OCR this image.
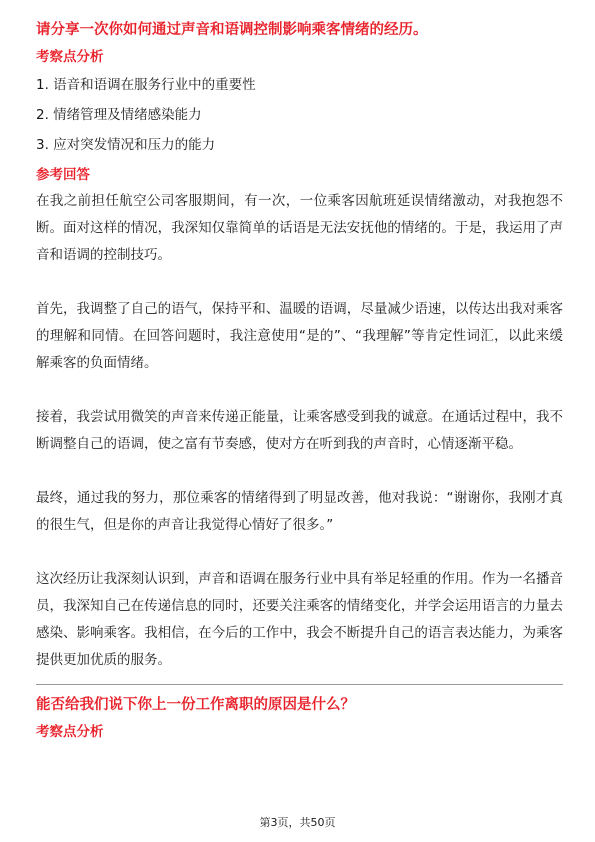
请分享一次你如何通过声音和语调控制影响乘客情绪的经历。

考察点分析

1. 语音和语调在服务行业中的重要性
2. 情绪管理及情绪感染能力
3. 应对突发情况和压力的能力

参考回答

在我之前担任航空公司客服期间，有一次，一位乘客因航班延误情绪激动，对我抱怨不断。面对这样的情况，我深知仅靠简单的话语是无法安抚他的情绪的。于是，我运用了声音和语调的控制技巧。

首先，我调整了自己的语气，保持平和、温暖的语调，尽量减少语速，以传达出我对乘客的理解和同情。在回答问题时，我注意使用“是的”、“我理解”等肯定性词汇，以此来缓解乘客的负面情绪。

接着，我尝试用微笑的声音来传递正能量，让乘客感受到我的诚意。在通话过程中，我不断调整自己的语调，使之富有节奏感，使对方在听到我的声音时，心情逐渐平稳。

最终，通过我的努力，那位乘客的情绪得到了明显改善，他对我说：“谢谢你，我刚才真的很生气，但是你的声音让我觉得心情好了很多。”

这次经历让我深刻认识到，声音和语调在服务行业中具有举足轻重的作用。作为一名播音员，我深知自己在传递信息的同时，还要关注乘客的情绪变化，并学会运用语言的力量去感染、影响乘客。我相信，在今后的工作中，我会不断提升自己的语言表达能力，为乘客提供更加优质的服务。

能否给我们说下你上一份工作离职的原因是什么？

考察点分析

第3页，共50页
